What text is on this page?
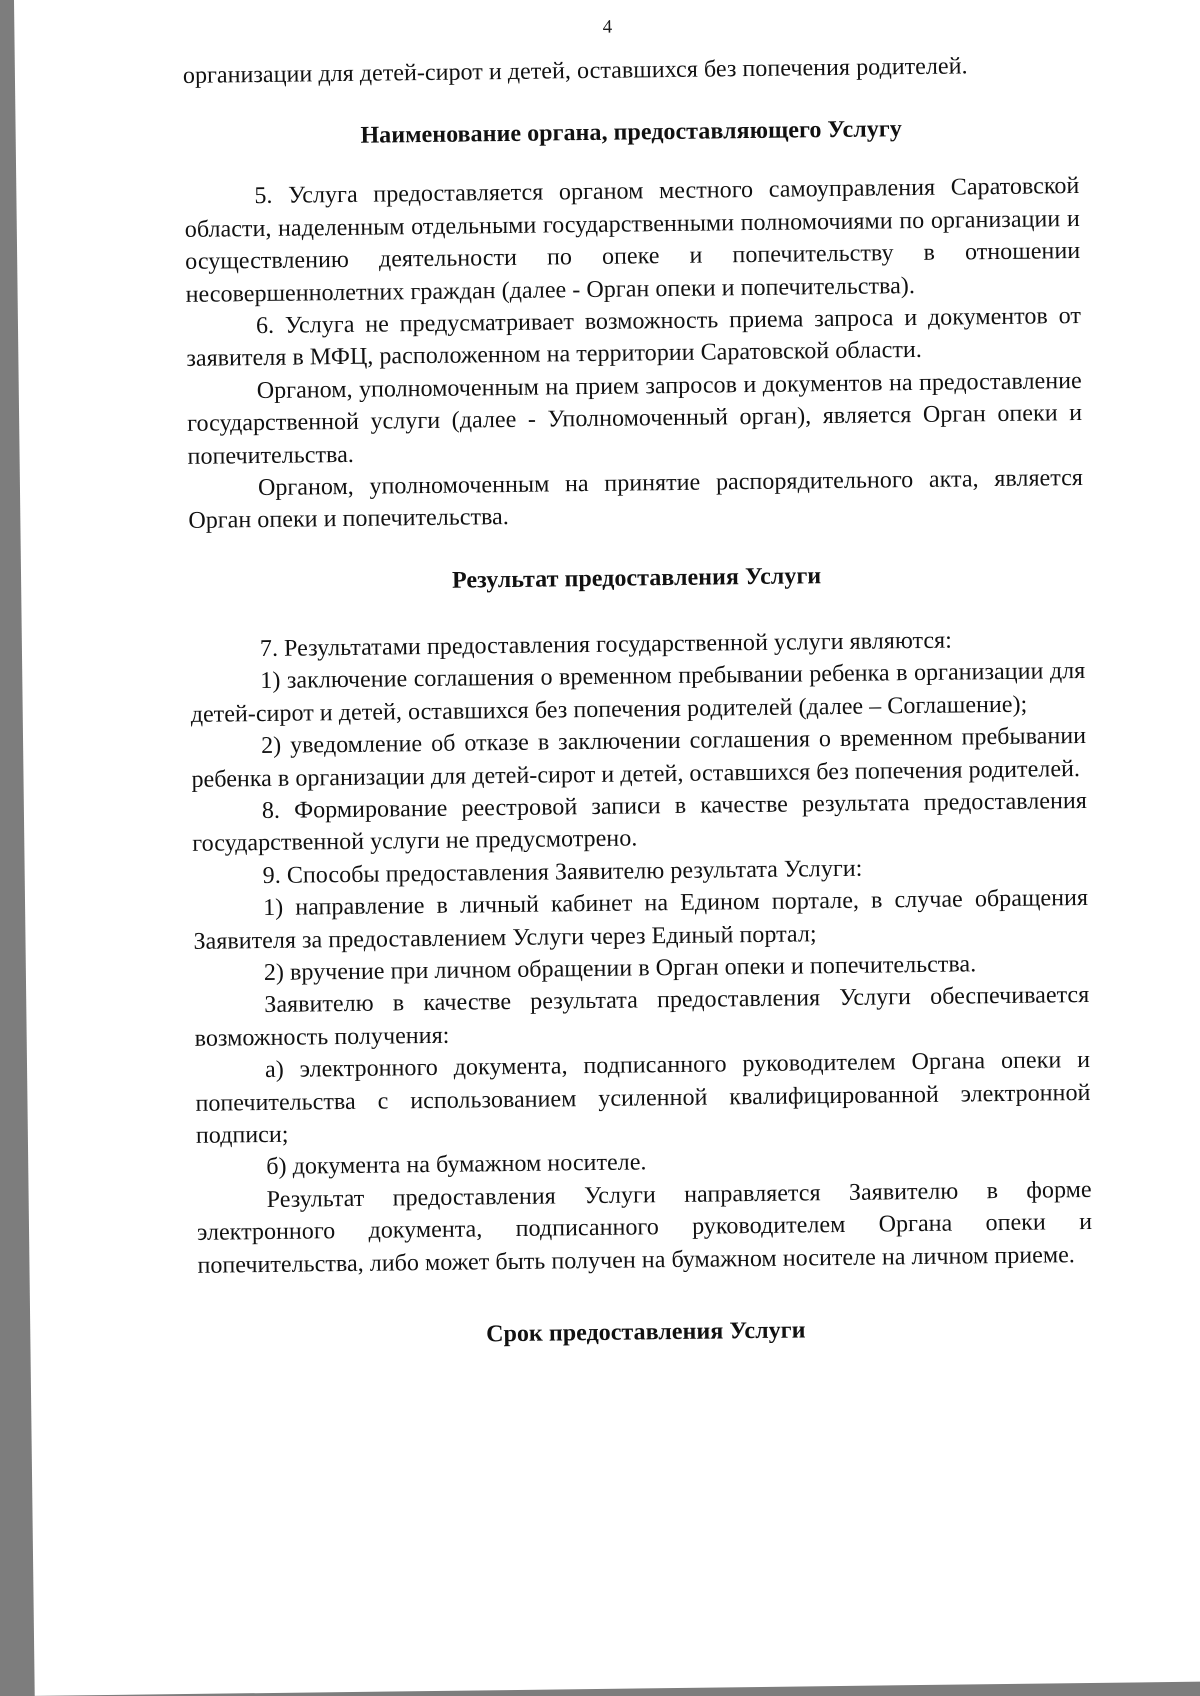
4

организации для детей-сирот и детей, оставшихся без попечения родителей.

Наименование органа, предоставляющего Услугу

5. Услуга предоставляется органом местного самоуправления Саратовской области, наделенным отдельными государственными полномочиями по организации и осуществлению деятельности по опеке и попечительству в отношении несовершеннолетних граждан (далее - Орган опеки и попечительства).

6. Услуга не предусматривает возможность приема запроса и документов от заявителя в МФЦ, расположенном на территории Саратовской области.

Органом, уполномоченным на прием запросов и документов на предоставление государственной услуги (далее - Уполномоченный орган), является Орган опеки и попечительства.

Органом, уполномоченным на принятие распорядительного акта, является Орган опеки и попечительства.

Результат предоставления Услуги

7. Результатами предоставления государственной услуги являются:

1) заключение соглашения о временном пребывании ребенка в организации для детей-сирот и детей, оставшихся без попечения родителей (далее – Соглашение);

2) уведомление об отказе в заключении соглашения о временном пребывании ребенка в организации для детей-сирот и детей, оставшихся без попечения родителей.

8. Формирование реестровой записи в качестве результата предоставления государственной услуги не предусмотрено.

9. Способы предоставления Заявителю результата Услуги:

1) направление в личный кабинет на Едином портале, в случае обращения Заявителя за предоставлением Услуги через Единый портал;

2) вручение при личном обращении в Орган опеки и попечительства.

Заявителю в качестве результата предоставления Услуги обеспечивается возможность получения:

а) электронного документа, подписанного руководителем Органа опеки и попечительства с использованием усиленной квалифицированной электронной подписи;

б) документа на бумажном носителе.

Результат предоставления Услуги направляется Заявителю в форме электронного документа, подписанного руководителем Органа опеки и попечительства, либо может быть получен на бумажном носителе на личном приеме.

Срок предоставления Услуги
